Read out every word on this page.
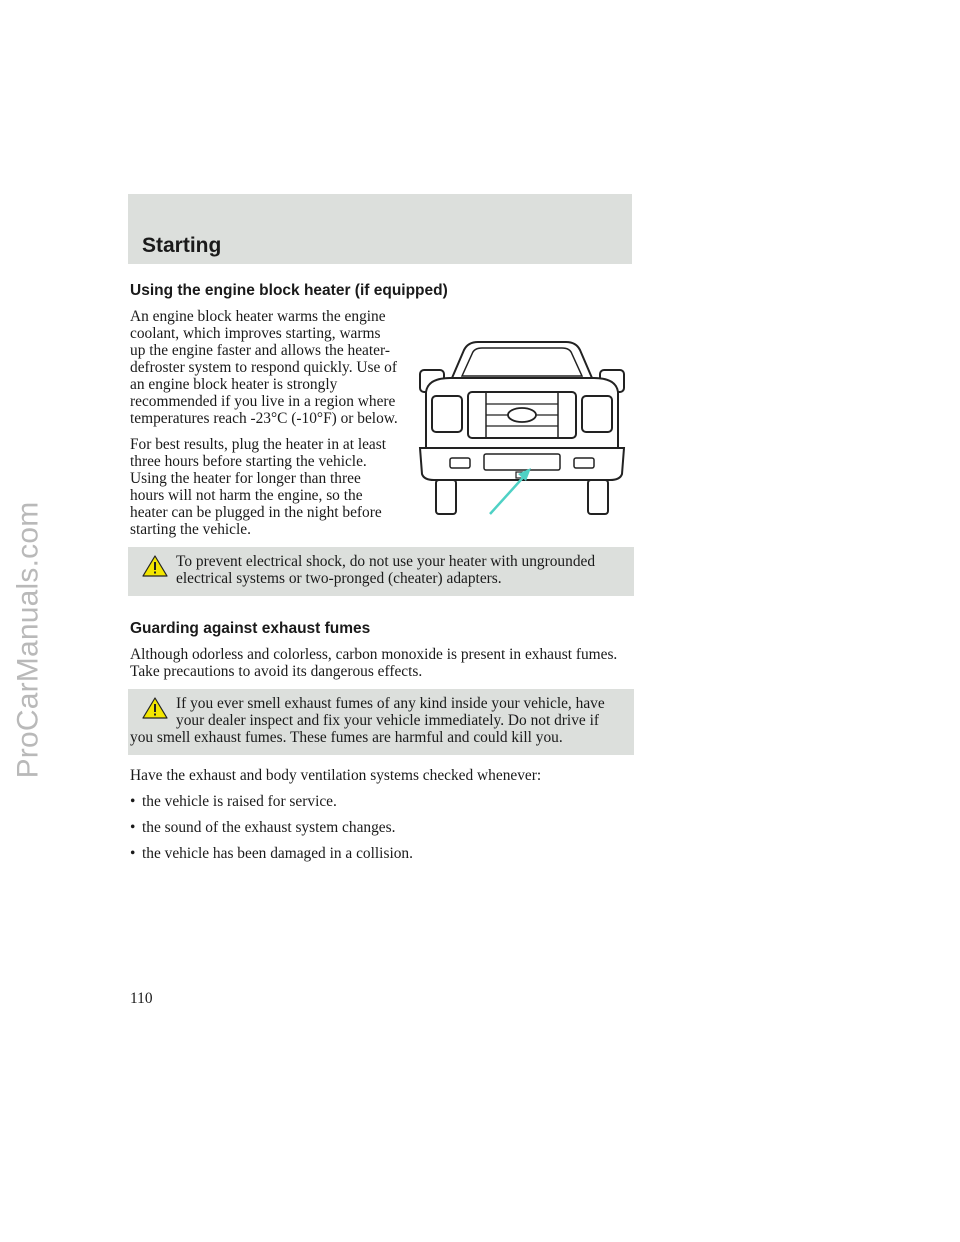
ProCarManuals.com
Starting
Using the engine block heater (if equipped)

An engine block heater warms the engine coolant, which improves starting, warms up the engine faster and allows the heater-defroster system to respond quickly. Use of an engine block heater is strongly recommended if you live in a region where temperatures reach -23°C (-10°F) or below.

For best results, plug the heater in at least three hours before starting the vehicle. Using the heater for longer than three hours will not harm the engine, so the heater can be plugged in the night before starting the vehicle.

To prevent electrical shock, do not use your heater with ungrounded electrical systems or two-pronged (cheater) adapters.

Guarding against exhaust fumes

Although odorless and colorless, carbon monoxide is present in exhaust fumes. Take precautions to avoid its dangerous effects.

If you ever smell exhaust fumes of any kind inside your vehicle, have your dealer inspect and fix your vehicle immediately. Do not drive if you smell exhaust fumes. These fumes are harmful and could kill you.

Have the exhaust and body ventilation systems checked whenever:

• the vehicle is raised for service.
• the sound of the exhaust system changes.
• the vehicle has been damaged in a collision.
110
